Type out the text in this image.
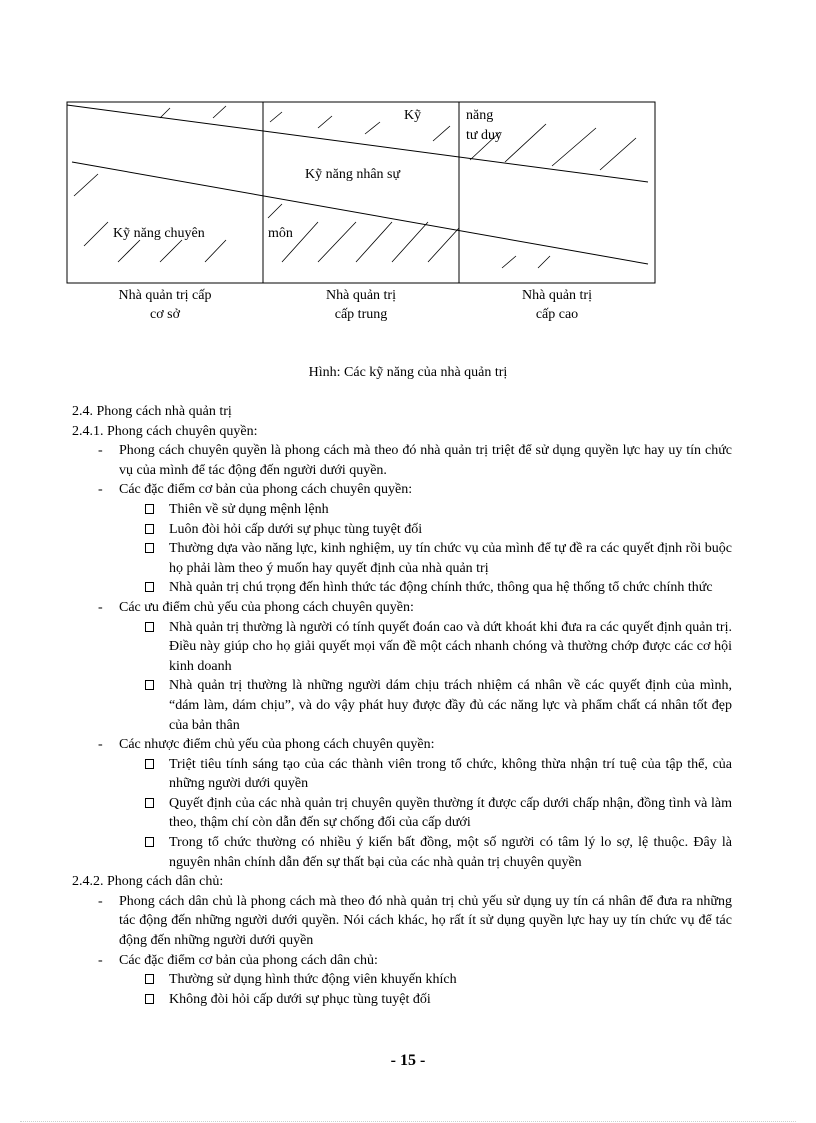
Kỹ năng chuyên	môn
Kỹ năng nhân sự
Kỹ	năng
tư duy
Nhà quản trị cấp
cơ sở
Nhà quản trị
cấp trung
Nhà quản trị
cấp cao
Hình: Các kỹ năng của nhà quản trị

2.4. Phong cách nhà quản trị

2.4.1. Phong cách chuyên quyền:

- Phong cách chuyên quyền là phong cách mà theo đó nhà quản trị triệt để sử dụng quyền lực hay uy tín chức vụ của mình để tác động đến người dưới quyền.

- Các đặc điểm cơ bản của phong cách chuyên quyền:

Thiên về sử dụng mệnh lệnh

Luôn đòi hỏi cấp dưới sự phục tùng tuyệt đối

Thường dựa vào năng lực, kinh nghiệm, uy tín chức vụ của mình để tự đề ra các quyết định rồi buộc họ phải làm theo ý muốn hay quyết định của nhà quản trị

Nhà quản trị chú trọng đến hình thức tác động chính thức, thông qua hệ thống tổ chức chính thức

- Các ưu điểm chủ yếu của phong cách chuyên quyền:

Nhà quản trị thường là người có tính quyết đoán cao và dứt khoát khi đưa ra các quyết định quản trị. Điều này giúp cho họ giải quyết mọi vấn đề một cách nhanh chóng và thường chớp được các cơ hội kinh doanh

Nhà quản trị thường là những người dám chịu trách nhiệm cá nhân về các quyết định của mình, “dám làm, dám chịu”, và do vậy phát huy được đầy đủ các năng lực và phẩm chất cá nhân tốt đẹp của bản thân

- Các nhược điểm chủ yếu của phong cách chuyên quyền:

Triệt tiêu tính sáng tạo của các thành viên trong tổ chức, không thừa nhận trí tuệ của tập thể, của những người dưới quyền

Quyết định của các nhà quản trị chuyên quyền thường ít được cấp dưới chấp nhận, đồng tình và làm theo, thậm chí còn dẫn đến sự chống đối của cấp dưới

Trong tổ chức thường có nhiều ý kiến bất đồng, một số người có tâm lý lo sợ, lệ thuộc. Đây là nguyên nhân chính dẫn đến sự thất bại của các nhà quản trị chuyên quyền

2.4.2. Phong cách dân chủ:

- Phong cách dân chủ là phong cách mà theo đó nhà quản trị chủ yếu sử dụng uy tín cá nhân để đưa ra những tác động đến những người dưới quyền. Nói cách khác, họ rất ít sử dụng quyền lực hay uy tín chức vụ để tác động đến những người dưới quyền

- Các đặc điểm cơ bản của phong cách dân chủ:

Thường sử dụng hình thức động viên khuyến khích

Không đòi hỏi cấp dưới sự phục tùng tuyệt đối

- 15 -
